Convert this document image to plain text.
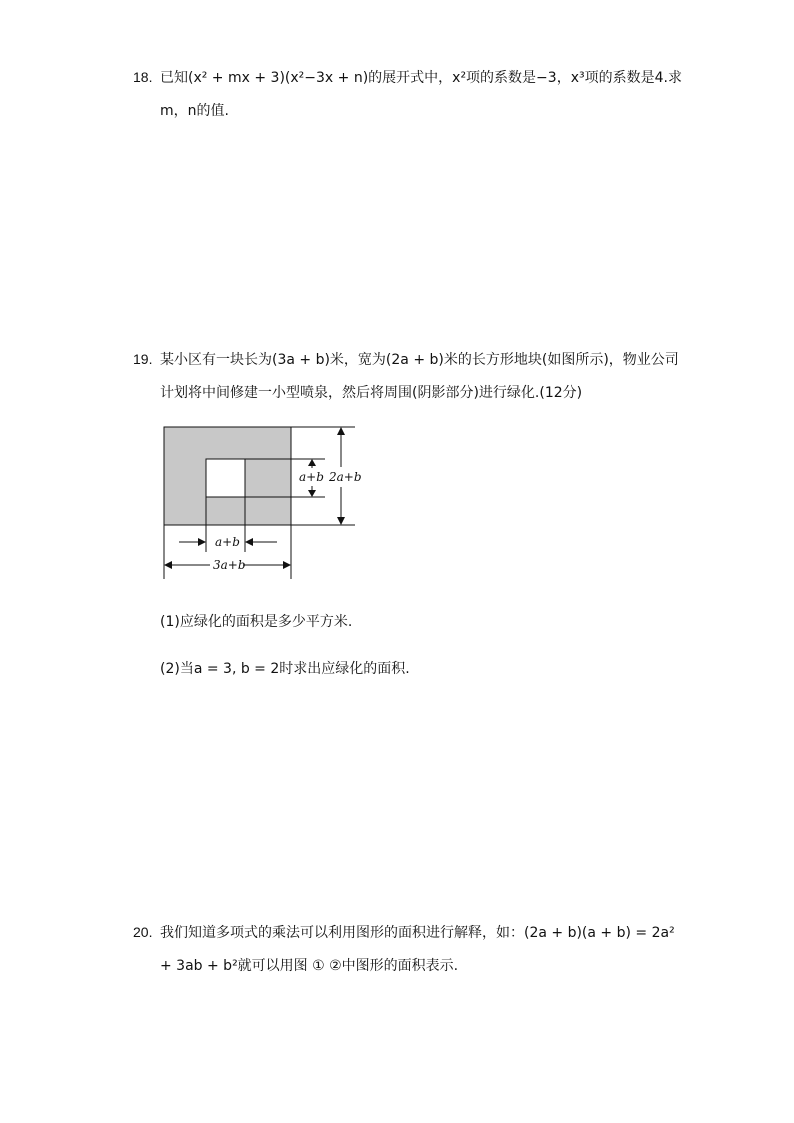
18. 已知(x² + mx + 3)(x²−3x + n)的展开式中，x²项的系数是−3，x³项的系数是4.求
m，n的值.
19. 某小区有一块长为(3a + b)米，宽为(2a + b)米的长方形地块(如图所示)，物业公司
计划将中间修建一小型喷泉，然后将周围(阴影部分)进行绿化.(12分)
2a+b
a+b
a+b
3a+b
(1)应绿化的面积是多少平方米.
(2)当a = 3, b = 2时求出应绿化的面积.
20. 我们知道多项式的乘法可以利用图形的面积进行解释，如：(2a + b)(a + b) = 2a²
+ 3ab + b²就可以用图 ① ②中图形的面积表示.
